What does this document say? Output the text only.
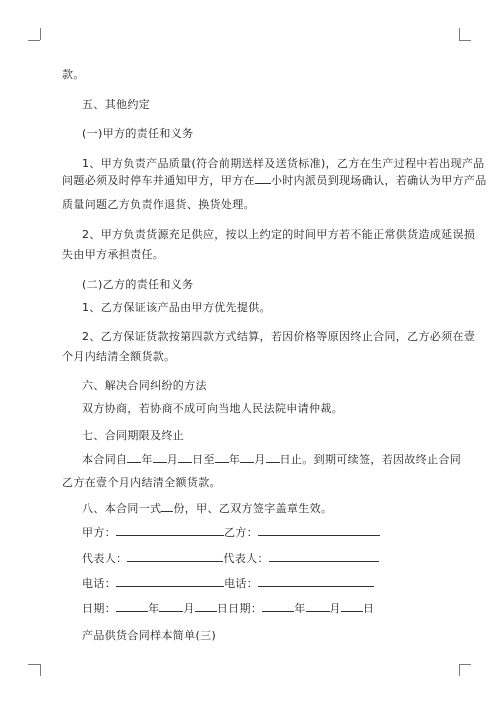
款。
五、其他约定
(一)甲方的责任和义务
1、甲方负责产品质量(符合前期送样及送货标准)，乙方在生产过程中若出现产品
问题必须及时停车并通知甲方，甲方在 小时内派员到现场确认，若确认为甲方产品
质量问题乙方负责作退货、换货处理。
2、甲方负责货源充足供应，按以上约定的时间甲方若不能正常供货造成延误损
失由甲方承担责任。
(二)乙方的责任和义务
1、乙方保证该产品由甲方优先提供。
2、乙方保证货款按第四款方式结算，若因价格等原因终止合同，乙方必须在壹
个月内结清全额货款。
六、解决合同纠纷的方法
双方协商，若协商不成可向当地人民法院申请仲裁。
七、合同期限及终止
本合同自 年 月 日至 年 月 日止。到期可续签，若因故终止合同
乙方在壹个月内结清全额货款。
八、本合同一式 份，甲、乙双方签字盖章生效。
甲方：	乙方：
代表人：	代表人：
电话：	电话：
日期：	年 月 日日期：	年 月 日
产品供货合同样本简单(三)
